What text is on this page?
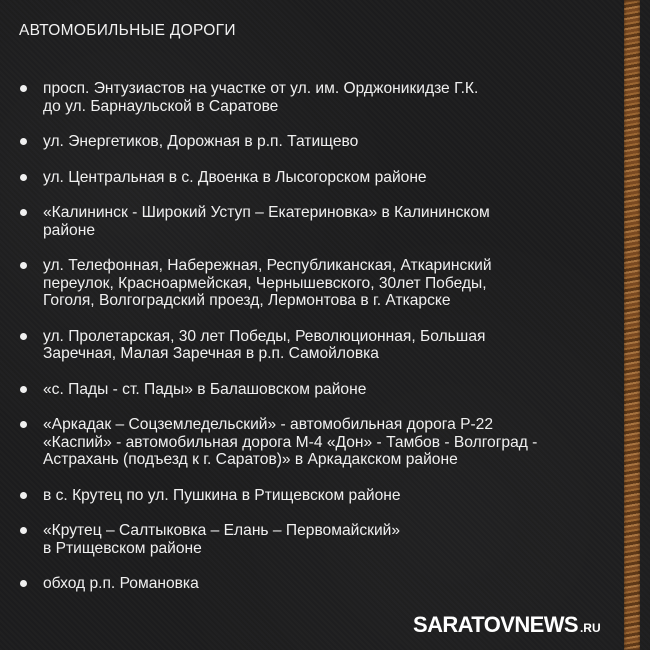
АВТОМОБИЛЬНЫЕ ДОРОГИ
просп. Энтузиастов на участке от ул. им. Орджоникидзе Г.К.
до ул. Барнаульской в Саратове
ул. Энергетиков, Дорожная в р.п. Татищево
ул. Центральная в с. Двоенка в Лысогорском районе
«Калининск - Широкий Уступ – Екатериновка» в Калининском
районе
ул. Телефонная, Набережная, Республиканская, Аткаринский
переулок, Красноармейская, Чернышевского, 30лет Победы,
Гоголя, Волгоградский проезд, Лермонтова в г. Аткарске
ул. Пролетарская, 30 лет Победы, Революционная, Большая
Заречная, Малая Заречная в р.п. Самойловка
«с. Пады - ст. Пады» в Балашовском районе
«Аркадак – Соцземледельский» - автомобильная дорога Р-22
«Каспий» - автомобильная дорога М-4 «Дон» - Тамбов - Волгоград -
Астрахань (подъезд к г. Саратов)» в Аркадакском районе
в с. Крутец по ул. Пушкина в Ртищевском районе
«Крутец – Салтыковка – Елань – Первомайский»
в Ртищевском районе
обход р.п. Романовка
SARATOVNEWS .RU
